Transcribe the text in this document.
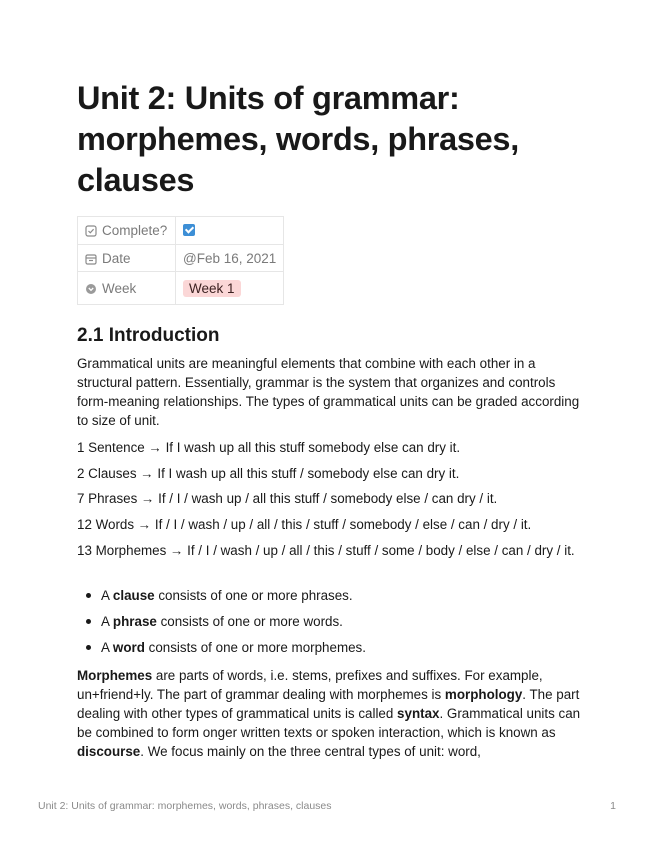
Unit 2: Units of grammar: morphemes, words, phrases, clauses
Complete?	
Date	@Feb 16, 2021
Week	Week 1
2.1 Introduction

Grammatical units are meaningful elements that combine with each other in a structural pattern. Essentially, grammar is the system that organizes and controls form-meaning relationships. The types of grammatical units can be graded according to size of unit.

1 Sentence → If I wash up all this stuff somebody else can dry it.

2 Clauses → If I wash up all this stuff / somebody else can dry it.

7 Phrases → If / I / wash up / all this stuff / somebody else / can dry / it.

12 Words → If / I / wash / up / all / this / stuff / somebody / else / can / dry / it.

13 Morphemes → If / I / wash / up / all / this / stuff / some / body / else / can / dry / it.

A clause consists of one or more phrases.
A phrase consists of one or more words.
A word consists of one or more morphemes.

Morphemes are parts of words, i.e. stems, prefixes and suffixes. For example, un+friend+ly. The part of grammar dealing with morphemes is morphology. The part dealing with other types of grammatical units is called syntax. Grammatical units can be combined to form onger written texts or spoken interaction, which is known as discourse. We focus mainly on the three central types of unit: word,

Unit 2: Units of grammar: morphemes, words, phrases, clauses	1
